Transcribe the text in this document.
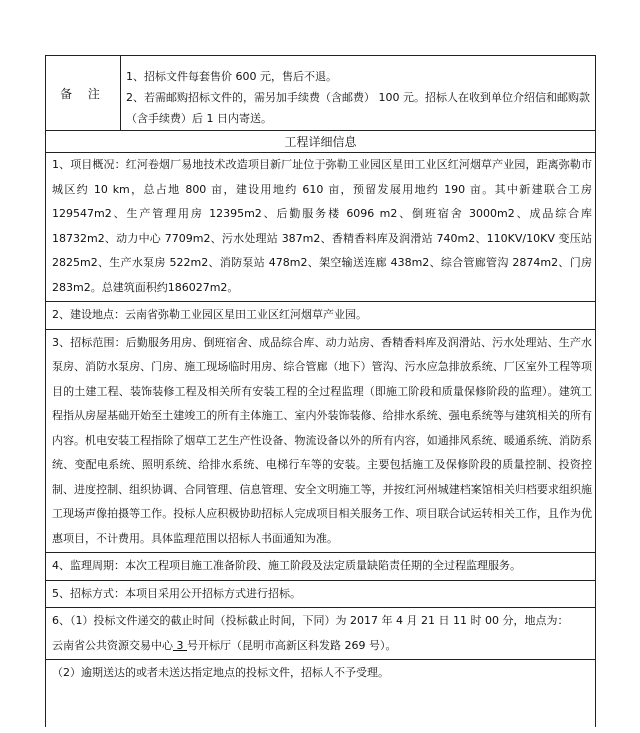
备 注

1、招标文件每套售价 600 元，售后不退。

2、若需邮购招标文件的，需另加手续费（含邮费） 100 元。招标人在收到单位介绍信和邮购款（含手续费）后 1 日内寄送。

工程详细信息

1、项目概况：红河卷烟厂易地技术改造项目新厂址位于弥勒工业园区星田工业区红河烟草产业园，距离弥勒市城区约 10 km，总占地 800 亩，建设用地约 610 亩，预留发展用地约 190 亩。其中新建联合工房 129547m2、生产管理用房 12395m2、后勤服务楼 6096 m2、倒班宿舍 3000m2、成品综合库 18732m2、动力中心 7709m2、污水处理站 387m2、香精香料库及润滑站 740m2、110KV/10KV 变压站 2825m2、生产水泵房 522m2、消防泵站 478m2、架空输送连廊 438m2、综合管廊管沟 2874m2、门房 283m2。总建筑面积约186027m2。

2、建设地点：云南省弥勒工业园区星田工业区红河烟草产业园。

3、招标范围：后勤服务用房、倒班宿舍、成品综合库、动力站房、香精香料库及润滑站、污水处理站、生产水泵房、消防水泵房、门房、施工现场临时用房、综合管廊（地下）管沟、污水应急排放系统、厂区室外工程等项目的土建工程、装饰装修工程及相关所有安装工程的全过程监理（即施工阶段和质量保修阶段的监理）。建筑工程指从房屋基础开始至土建竣工的所有主体施工、室内外装饰装修、给排水系统、强电系统等与建筑相关的所有内容。机电安装工程指除了烟草工艺生产性设备、物流设备以外的所有内容，如通排风系统、暖通系统、消防系统、变配电系统、照明系统、给排水系统、电梯行车等的安装。主要包括施工及保修阶段的质量控制、投资控制、进度控制、组织协调、合同管理、信息管理、安全文明施工等，并按红河州城建档案馆相关归档要求组织施工现场声像拍摄等工作。投标人应积极协助招标人完成项目相关服务工作、项目联合试运转相关工作，且作为优惠项目，不计费用。具体监理范围以招标人书面通知为准。

4、监理周期：本次工程项目施工准备阶段、施工阶段及法定质量缺陷责任期的全过程监理服务。

5、招标方式：本项目采用公开招标方式进行招标。

6、（1）投标文件递交的截止时间（投标截止时间，下同）为 2017 年 4 月 21 日 11 时 00 分，地点为：
云南省公共资源交易中心 3 号开标厅（昆明市高新区科发路 269 号）。

（2）逾期送达的或者未送达指定地点的投标文件，招标人不予受理。
